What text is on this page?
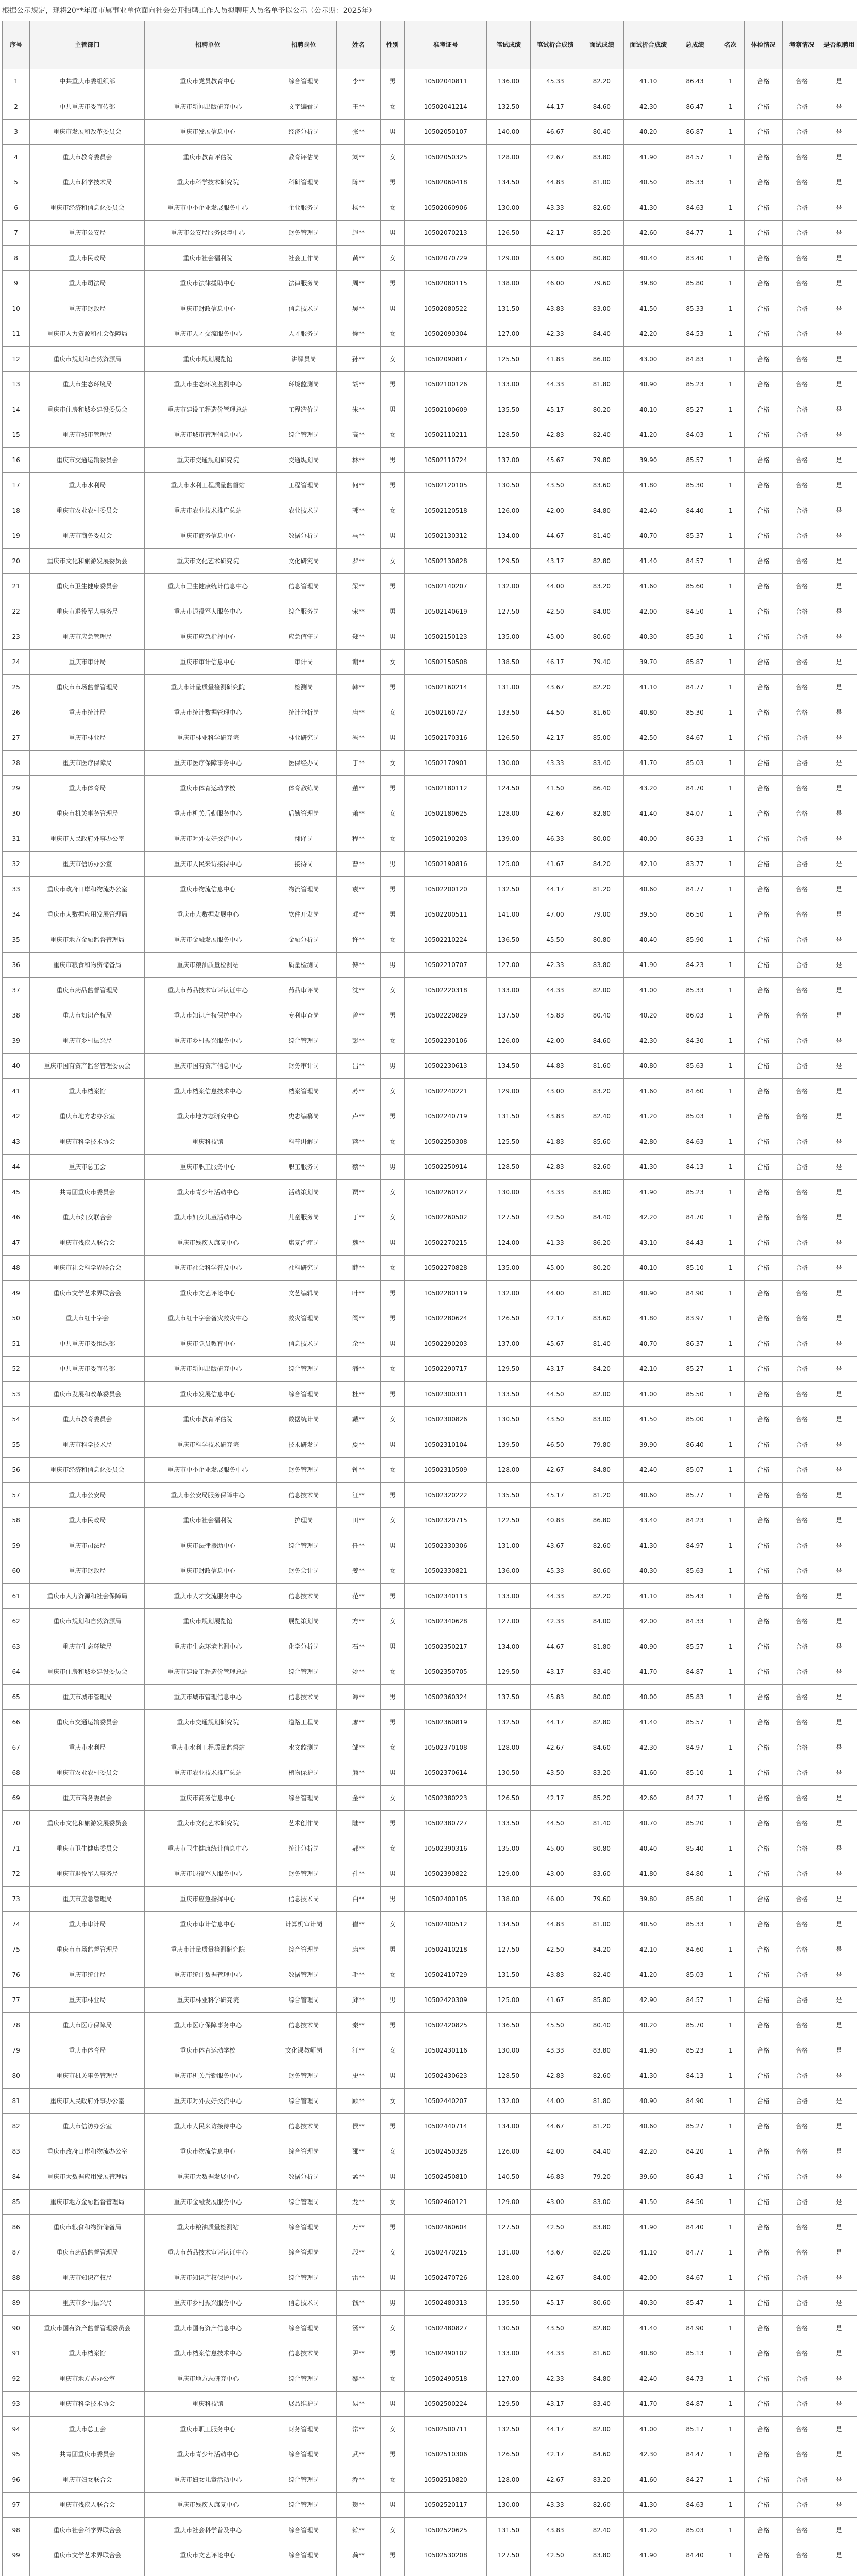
根据公示规定，现将20**年度市属事业单位面向社会公开招聘工作人员拟聘用人员名单予以公示（公示期：2025年）
序号	主管部门	招聘单位	招聘岗位	姓名	性别	准考证号	笔试成绩	笔试折合成绩	面试成绩	面试折合成绩	总成绩	名次	体检情况	考察情况	是否拟聘用
1	中共重庆市委组织部	重庆市党员教育中心	综合管理岗	李**	男	10502040811	136.00	45.33	82.20	41.10	86.43	1	合格	合格	是
2	中共重庆市委宣传部	重庆市新闻出版研究中心	文字编辑岗	王**	女	10502041214	132.50	44.17	84.60	42.30	86.47	1	合格	合格	是
3	重庆市发展和改革委员会	重庆市发展信息中心	经济分析岗	张**	男	10502050107	140.00	46.67	80.40	40.20	86.87	1	合格	合格	是
4	重庆市教育委员会	重庆市教育评估院	教育评估岗	刘**	女	10502050325	128.00	42.67	83.80	41.90	84.57	1	合格	合格	是
5	重庆市科学技术局	重庆市科学技术研究院	科研管理岗	陈**	男	10502060418	134.50	44.83	81.00	40.50	85.33	1	合格	合格	是
6	重庆市经济和信息化委员会	重庆市中小企业发展服务中心	企业服务岗	杨**	女	10502060906	130.00	43.33	82.60	41.30	84.63	1	合格	合格	是
7	重庆市公安局	重庆市公安局服务保障中心	财务管理岗	赵**	男	10502070213	126.50	42.17	85.20	42.60	84.77	1	合格	合格	是
8	重庆市民政局	重庆市社会福利院	社会工作岗	黄**	女	10502070729	129.00	43.00	80.80	40.40	83.40	1	合格	合格	是
9	重庆市司法局	重庆市法律援助中心	法律服务岗	周**	男	10502080115	138.00	46.00	79.60	39.80	85.80	1	合格	合格	是
10	重庆市财政局	重庆市财政信息中心	信息技术岗	吴**	男	10502080522	131.50	43.83	83.00	41.50	85.33	1	合格	合格	是
11	重庆市人力资源和社会保障局	重庆市人才交流服务中心	人才服务岗	徐**	女	10502090304	127.00	42.33	84.40	42.20	84.53	1	合格	合格	是
12	重庆市规划和自然资源局	重庆市规划展览馆	讲解员岗	孙**	女	10502090817	125.50	41.83	86.00	43.00	84.83	1	合格	合格	是
13	重庆市生态环境局	重庆市生态环境监测中心	环境监测岗	胡**	男	10502100126	133.00	44.33	81.80	40.90	85.23	1	合格	合格	是
14	重庆市住房和城乡建设委员会	重庆市建设工程造价管理总站	工程造价岗	朱**	男	10502100609	135.50	45.17	80.20	40.10	85.27	1	合格	合格	是
15	重庆市城市管理局	重庆市城市管理信息中心	综合管理岗	高**	女	10502110211	128.50	42.83	82.40	41.20	84.03	1	合格	合格	是
16	重庆市交通运输委员会	重庆市交通规划研究院	交通规划岗	林**	男	10502110724	137.00	45.67	79.80	39.90	85.57	1	合格	合格	是
17	重庆市水利局	重庆市水利工程质量监督站	工程管理岗	何**	男	10502120105	130.50	43.50	83.60	41.80	85.30	1	合格	合格	是
18	重庆市农业农村委员会	重庆市农业技术推广总站	农业技术岗	郭**	女	10502120518	126.00	42.00	84.80	42.40	84.40	1	合格	合格	是
19	重庆市商务委员会	重庆市商务信息中心	数据分析岗	马**	男	10502130312	134.00	44.67	81.40	40.70	85.37	1	合格	合格	是
20	重庆市文化和旅游发展委员会	重庆市文化艺术研究院	文化研究岗	罗**	女	10502130828	129.50	43.17	82.80	41.40	84.57	1	合格	合格	是
21	重庆市卫生健康委员会	重庆市卫生健康统计信息中心	信息管理岗	梁**	男	10502140207	132.00	44.00	83.20	41.60	85.60	1	合格	合格	是
22	重庆市退役军人事务局	重庆市退役军人服务中心	综合服务岗	宋**	男	10502140619	127.50	42.50	84.00	42.00	84.50	1	合格	合格	是
23	重庆市应急管理局	重庆市应急指挥中心	应急值守岗	郑**	男	10502150123	135.00	45.00	80.60	40.30	85.30	1	合格	合格	是
24	重庆市审计局	重庆市审计信息中心	审计岗	谢**	女	10502150508	138.50	46.17	79.40	39.70	85.87	1	合格	合格	是
25	重庆市市场监督管理局	重庆市计量质量检测研究院	检测岗	韩**	男	10502160214	131.00	43.67	82.20	41.10	84.77	1	合格	合格	是
26	重庆市统计局	重庆市统计数据管理中心	统计分析岗	唐**	女	10502160727	133.50	44.50	81.60	40.80	85.30	1	合格	合格	是
27	重庆市林业局	重庆市林业科学研究院	林业研究岗	冯**	男	10502170316	126.50	42.17	85.00	42.50	84.67	1	合格	合格	是
28	重庆市医疗保障局	重庆市医疗保障事务中心	医保经办岗	于**	女	10502170901	130.00	43.33	83.40	41.70	85.03	1	合格	合格	是
29	重庆市体育局	重庆市体育运动学校	体育教练岗	董**	男	10502180112	124.50	41.50	86.40	43.20	84.70	1	合格	合格	是
30	重庆市机关事务管理局	重庆市机关后勤服务中心	后勤管理岗	萧**	女	10502180625	128.00	42.67	82.80	41.40	84.07	1	合格	合格	是
31	重庆市人民政府外事办公室	重庆市对外友好交流中心	翻译岗	程**	女	10502190203	139.00	46.33	80.00	40.00	86.33	1	合格	合格	是
32	重庆市信访办公室	重庆市人民来访接待中心	接待岗	曹**	男	10502190816	125.00	41.67	84.20	42.10	83.77	1	合格	合格	是
33	重庆市政府口岸和物流办公室	重庆市物流信息中心	物流管理岗	袁**	男	10502200120	132.50	44.17	81.20	40.60	84.77	1	合格	合格	是
34	重庆市大数据应用发展管理局	重庆市大数据发展中心	软件开发岗	邓**	男	10502200511	141.00	47.00	79.00	39.50	86.50	1	合格	合格	是
35	重庆市地方金融监督管理局	重庆市金融发展服务中心	金融分析岗	许**	女	10502210224	136.50	45.50	80.80	40.40	85.90	1	合格	合格	是
36	重庆市粮食和物资储备局	重庆市粮油质量检测站	质量检测岗	傅**	男	10502210707	127.00	42.33	83.80	41.90	84.23	1	合格	合格	是
37	重庆市药品监督管理局	重庆市药品技术审评认证中心	药品审评岗	沈**	女	10502220318	133.00	44.33	82.00	41.00	85.33	1	合格	合格	是
38	重庆市知识产权局	重庆市知识产权保护中心	专利审查岗	曾**	男	10502220829	137.50	45.83	80.40	40.20	86.03	1	合格	合格	是
39	重庆市乡村振兴局	重庆市乡村振兴服务中心	综合管理岗	彭**	女	10502230106	126.00	42.00	84.60	42.30	84.30	1	合格	合格	是
40	重庆市国有资产监督管理委员会	重庆市国有资产信息中心	财务审计岗	吕**	男	10502230613	134.50	44.83	81.60	40.80	85.63	1	合格	合格	是
41	重庆市档案馆	重庆市档案信息技术中心	档案管理岗	苏**	女	10502240221	129.00	43.00	83.20	41.60	84.60	1	合格	合格	是
42	重庆市地方志办公室	重庆市地方志研究中心	史志编纂岗	卢**	男	10502240719	131.50	43.83	82.40	41.20	85.03	1	合格	合格	是
43	重庆市科学技术协会	重庆科技馆	科普讲解岗	蒋**	女	10502250308	125.50	41.83	85.60	42.80	84.63	1	合格	合格	是
44	重庆市总工会	重庆市职工服务中心	职工服务岗	蔡**	男	10502250914	128.50	42.83	82.60	41.30	84.13	1	合格	合格	是
45	共青团重庆市委员会	重庆市青少年活动中心	活动策划岗	贾**	女	10502260127	130.00	43.33	83.80	41.90	85.23	1	合格	合格	是
46	重庆市妇女联合会	重庆市妇女儿童活动中心	儿童服务岗	丁**	女	10502260502	127.50	42.50	84.40	42.20	84.70	1	合格	合格	是
47	重庆市残疾人联合会	重庆市残疾人康复中心	康复治疗岗	魏**	男	10502270215	124.00	41.33	86.20	43.10	84.43	1	合格	合格	是
48	重庆市社会科学界联合会	重庆市社会科学普及中心	社科研究岗	薛**	女	10502270828	135.00	45.00	80.20	40.10	85.10	1	合格	合格	是
49	重庆市文学艺术界联合会	重庆市文艺评论中心	文艺编辑岗	叶**	男	10502280119	132.00	44.00	81.80	40.90	84.90	1	合格	合格	是
50	重庆市红十字会	重庆市红十字会备灾救灾中心	救灾管理岗	阎**	男	10502280624	126.50	42.17	83.60	41.80	83.97	1	合格	合格	是
51	中共重庆市委组织部	重庆市党员教育中心	信息技术岗	余**	男	10502290203	137.00	45.67	81.40	40.70	86.37	1	合格	合格	是
52	中共重庆市委宣传部	重庆市新闻出版研究中心	综合管理岗	潘**	女	10502290717	129.50	43.17	84.20	42.10	85.27	1	合格	合格	是
53	重庆市发展和改革委员会	重庆市发展信息中心	综合管理岗	杜**	男	10502300311	133.50	44.50	82.00	41.00	85.50	1	合格	合格	是
54	重庆市教育委员会	重庆市教育评估院	数据统计岗	戴**	女	10502300826	130.50	43.50	83.00	41.50	85.00	1	合格	合格	是
55	重庆市科学技术局	重庆市科学技术研究院	技术研发岗	夏**	男	10502310104	139.50	46.50	79.80	39.90	86.40	1	合格	合格	是
56	重庆市经济和信息化委员会	重庆市中小企业发展服务中心	财务管理岗	钟**	女	10502310509	128.00	42.67	84.80	42.40	85.07	1	合格	合格	是
57	重庆市公安局	重庆市公安局服务保障中心	信息技术岗	汪**	男	10502320222	135.50	45.17	81.20	40.60	85.77	1	合格	合格	是
58	重庆市民政局	重庆市社会福利院	护理岗	田**	女	10502320715	122.50	40.83	86.80	43.40	84.23	1	合格	合格	是
59	重庆市司法局	重庆市法律援助中心	综合管理岗	任**	男	10502330306	131.00	43.67	82.60	41.30	84.97	1	合格	合格	是
60	重庆市财政局	重庆市财政信息中心	财务会计岗	姜**	女	10502330821	136.00	45.33	80.60	40.30	85.63	1	合格	合格	是
61	重庆市人力资源和社会保障局	重庆市人才交流服务中心	信息技术岗	范**	男	10502340113	133.00	44.33	82.20	41.10	85.43	1	合格	合格	是
62	重庆市规划和自然资源局	重庆市规划展览馆	展览策划岗	方**	女	10502340628	127.00	42.33	84.00	42.00	84.33	1	合格	合格	是
63	重庆市生态环境局	重庆市生态环境监测中心	化学分析岗	石**	男	10502350217	134.00	44.67	81.80	40.90	85.57	1	合格	合格	是
64	重庆市住房和城乡建设委员会	重庆市建设工程造价管理总站	综合管理岗	姚**	女	10502350705	129.50	43.17	83.40	41.70	84.87	1	合格	合格	是
65	重庆市城市管理局	重庆市城市管理信息中心	信息技术岗	谭**	男	10502360324	137.50	45.83	80.00	40.00	85.83	1	合格	合格	是
66	重庆市交通运输委员会	重庆市交通规划研究院	道路工程岗	廖**	男	10502360819	132.50	44.17	82.80	41.40	85.57	1	合格	合格	是
67	重庆市水利局	重庆市水利工程质量监督站	水文监测岗	邹**	女	10502370108	128.00	42.67	84.60	42.30	84.97	1	合格	合格	是
68	重庆市农业农村委员会	重庆市农业技术推广总站	植物保护岗	熊**	男	10502370614	130.50	43.50	83.20	41.60	85.10	1	合格	合格	是
69	重庆市商务委员会	重庆市商务信息中心	综合管理岗	金**	女	10502380223	126.50	42.17	85.20	42.60	84.77	1	合格	合格	是
70	重庆市文化和旅游发展委员会	重庆市文化艺术研究院	艺术创作岗	陆**	男	10502380727	133.50	44.50	81.40	40.70	85.20	1	合格	合格	是
71	重庆市卫生健康委员会	重庆市卫生健康统计信息中心	统计分析岗	郝**	女	10502390316	135.00	45.00	80.80	40.40	85.40	1	合格	合格	是
72	重庆市退役军人事务局	重庆市退役军人服务中心	财务管理岗	孔**	男	10502390822	129.00	43.00	83.60	41.80	84.80	1	合格	合格	是
73	重庆市应急管理局	重庆市应急指挥中心	信息技术岗	白**	男	10502400105	138.00	46.00	79.60	39.80	85.80	1	合格	合格	是
74	重庆市审计局	重庆市审计信息中心	计算机审计岗	崔**	女	10502400512	134.50	44.83	81.00	40.50	85.33	1	合格	合格	是
75	重庆市市场监督管理局	重庆市计量质量检测研究院	综合管理岗	康**	男	10502410218	127.50	42.50	84.20	42.10	84.60	1	合格	合格	是
76	重庆市统计局	重庆市统计数据管理中心	数据管理岗	毛**	女	10502410729	131.50	43.83	82.40	41.20	85.03	1	合格	合格	是
77	重庆市林业局	重庆市林业科学研究院	综合管理岗	邱**	男	10502420309	125.00	41.67	85.80	42.90	84.57	1	合格	合格	是
78	重庆市医疗保障局	重庆市医疗保障事务中心	信息技术岗	秦**	男	10502420825	136.50	45.50	80.40	40.20	85.70	1	合格	合格	是
79	重庆市体育局	重庆市体育运动学校	文化课教师岗	江**	女	10502430116	130.00	43.33	83.80	41.90	85.23	1	合格	合格	是
80	重庆市机关事务管理局	重庆市机关后勤服务中心	财务管理岗	史**	男	10502430623	128.50	42.83	82.60	41.30	84.13	1	合格	合格	是
81	重庆市人民政府外事办公室	重庆市对外友好交流中心	综合管理岗	顾**	女	10502440207	132.00	44.00	81.80	40.90	84.90	1	合格	合格	是
82	重庆市信访办公室	重庆市人民来访接待中心	信息技术岗	侯**	男	10502440714	134.00	44.67	81.20	40.60	85.27	1	合格	合格	是
83	重庆市政府口岸和物流办公室	重庆市物流信息中心	综合管理岗	邵**	女	10502450328	126.00	42.00	84.40	42.20	84.20	1	合格	合格	是
84	重庆市大数据应用发展管理局	重庆市大数据发展中心	数据分析岗	孟**	男	10502450810	140.50	46.83	79.20	39.60	86.43	1	合格	合格	是
85	重庆市地方金融监督管理局	重庆市金融发展服务中心	综合管理岗	龙**	女	10502460121	129.00	43.00	83.00	41.50	84.50	1	合格	合格	是
86	重庆市粮食和物资储备局	重庆市粮油质量检测站	综合管理岗	万**	男	10502460604	127.50	42.50	83.80	41.90	84.40	1	合格	合格	是
87	重庆市药品监督管理局	重庆市药品技术审评认证中心	综合管理岗	段**	女	10502470215	131.00	43.67	82.20	41.10	84.77	1	合格	合格	是
88	重庆市知识产权局	重庆市知识产权保护中心	综合管理岗	雷**	男	10502470726	128.00	42.67	84.00	42.00	84.67	1	合格	合格	是
89	重庆市乡村振兴局	重庆市乡村振兴服务中心	信息技术岗	钱**	男	10502480313	135.50	45.17	80.60	40.30	85.47	1	合格	合格	是
90	重庆市国有资产监督管理委员会	重庆市国有资产信息中心	综合管理岗	汤**	女	10502480827	130.50	43.50	82.80	41.40	84.90	1	合格	合格	是
91	重庆市档案馆	重庆市档案信息技术中心	信息技术岗	尹**	男	10502490102	133.00	44.33	81.60	40.80	85.13	1	合格	合格	是
92	重庆市地方志办公室	重庆市地方志研究中心	综合管理岗	黎**	女	10502490518	127.00	42.33	84.80	42.40	84.73	1	合格	合格	是
93	重庆市科学技术协会	重庆科技馆	展品维护岗	易**	男	10502500224	129.50	43.17	83.40	41.70	84.87	1	合格	合格	是
94	重庆市总工会	重庆市职工服务中心	财务管理岗	常**	女	10502500711	132.50	44.17	82.00	41.00	85.17	1	合格	合格	是
95	共青团重庆市委员会	重庆市青少年活动中心	综合管理岗	武**	男	10502510306	126.50	42.17	84.60	42.30	84.47	1	合格	合格	是
96	重庆市妇女联合会	重庆市妇女儿童活动中心	综合管理岗	乔**	女	10502510820	128.00	42.67	83.20	41.60	84.27	1	合格	合格	是
97	重庆市残疾人联合会	重庆市残疾人康复中心	综合管理岗	贺**	男	10502520117	130.00	43.33	82.60	41.30	84.63	1	合格	合格	是
98	重庆市社会科学界联合会	重庆市社会科学普及中心	综合管理岗	赖**	女	10502520625	131.50	43.83	82.40	41.20	85.03	1	合格	合格	是
99	重庆市文学艺术界联合会	重庆市文艺评论中心	综合管理岗	龚**	男	10502530208	127.50	42.50	83.80	41.90	84.40	1	合格	合格	是
